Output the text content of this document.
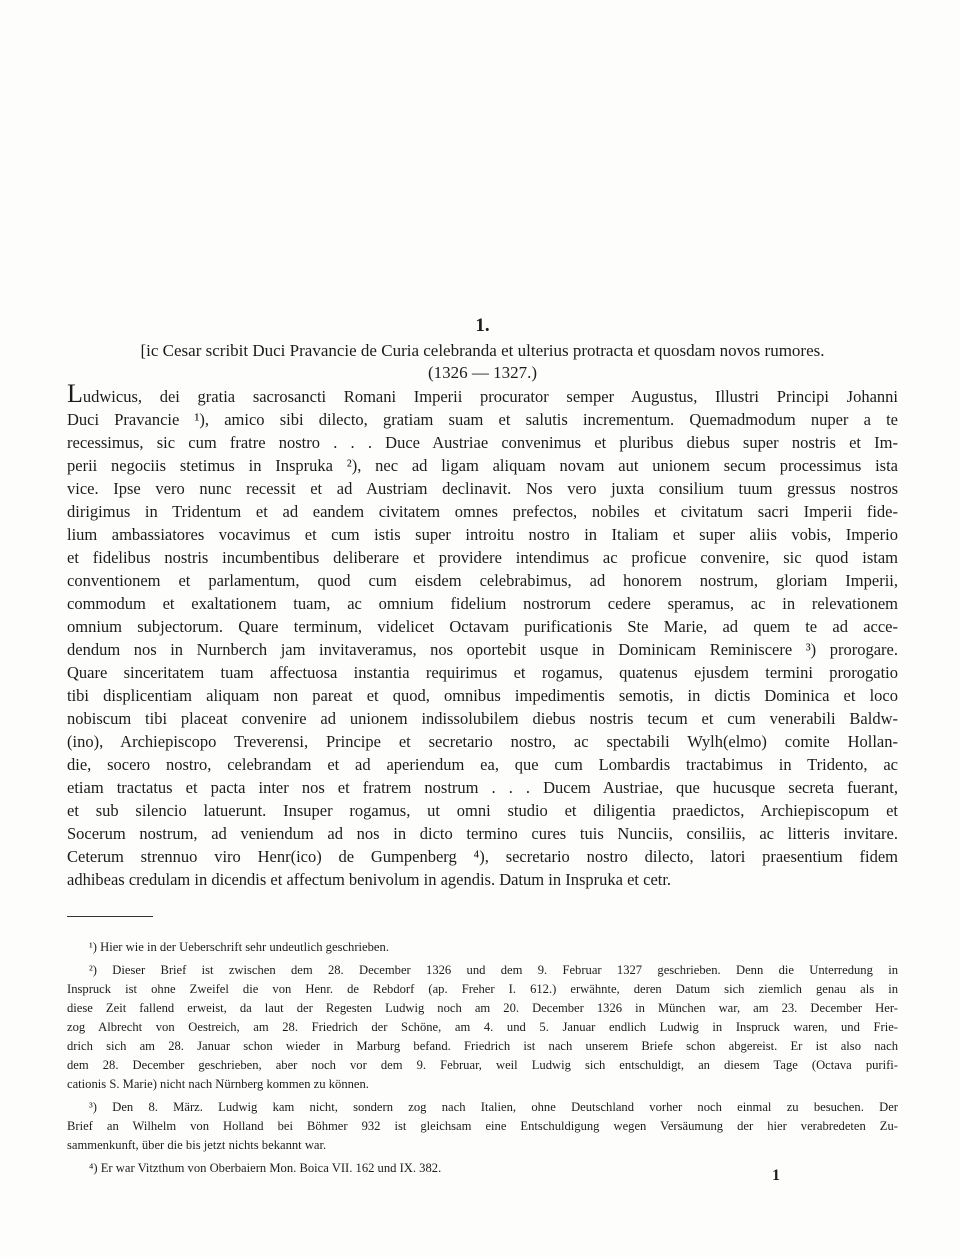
1.
[ic Cesar scribit Duci Pravancie de Curia celebranda et ulterius protracta et quosdam novos rumores.
(1326 — 1327.)
Ludwicus, dei gratia sacrosancti Romani Imperii procurator semper Augustus, Illustri Principi Johanni
Duci Pravancie ¹), amico sibi dilecto, gratiam suam et salutis incrementum. Quemadmodum nuper a te
recessimus, sic cum fratre nostro . . . Duce Austriae convenimus et pluribus diebus super nostris et Im-
perii negociis stetimus in Inspruka ²), nec ad ligam aliquam novam aut unionem secum processimus ista
vice. Ipse vero nunc recessit et ad Austriam declinavit. Nos vero juxta consilium tuum gressus nostros
dirigimus in Tridentum et ad eandem civitatem omnes prefectos, nobiles et civitatum sacri Imperii fide-
lium ambassiatores vocavimus et cum istis super introitu nostro in Italiam et super aliis vobis, Imperio
et fidelibus nostris incumbentibus deliberare et providere intendimus ac proficue convenire, sic quod istam
conventionem et parlamentum, quod cum eisdem celebrabimus, ad honorem nostrum, gloriam Imperii,
commodum et exaltationem tuam, ac omnium fidelium nostrorum cedere speramus, ac in relevationem
omnium subjectorum. Quare terminum, videlicet Octavam purificationis Ste Marie, ad quem te ad acce-
dendum nos in Nurnberch jam invitaveramus, nos oportebit usque in Dominicam Reminiscere ³) prorogare.
Quare sinceritatem tuam affectuosa instantia requirimus et rogamus, quatenus ejusdem termini prorogatio
tibi displicentiam aliquam non pareat et quod, omnibus impedimentis semotis, in dictis Dominica et loco
nobiscum tibi placeat convenire ad unionem indissolubilem diebus nostris tecum et cum venerabili Baldw-
(ino), Archiepiscopo Treverensi, Principe et secretario nostro, ac spectabili Wylh(elmo) comite Hollan-
die, socero nostro, celebrandam et ad aperiendum ea, que cum Lombardis tractabimus in Tridento, ac
etiam tractatus et pacta inter nos et fratrem nostrum . . . Ducem Austriae, que hucusque secreta fuerant,
et sub silencio latuerunt. Insuper rogamus, ut omni studio et diligentia praedictos, Archiepiscopum et
Socerum nostrum, ad veniendum ad nos in dicto termino cures tuis Nunciis, consiliis, ac litteris invitare.
Ceterum strennuo viro Henr(ico) de Gumpenberg ⁴), secretario nostro dilecto, latori praesentium fidem
adhibeas credulam in dicendis et affectum benivolum in agendis. Datum in Inspruka et cetr.
¹) Hier wie in der Ueberschrift sehr undeutlich geschrieben.
²) Dieser Brief ist zwischen dem 28. December 1326 und dem 9. Februar 1327 geschrieben. Denn die Unterredung in
Inspruck ist ohne Zweifel die von Henr. de Rebdorf (ap. Freher I. 612.) erwähnte, deren Datum sich ziemlich genau als in
diese Zeit fallend erweist, da laut der Regesten Ludwig noch am 20. December 1326 in München war, am 23. December Her-
zog Albrecht von Oestreich, am 28. Friedrich der Schöne, am 4. und 5. Januar endlich Ludwig in Inspruck waren, und Frie-
drich sich am 28. Januar schon wieder in Marburg befand. Friedrich ist nach unserem Briefe schon abgereist. Er ist also nach
dem 28. December geschrieben, aber noch vor dem 9. Februar, weil Ludwig sich entschuldigt, an diesem Tage (Octava purifi-
cationis S. Marie) nicht nach Nürnberg kommen zu können.
³) Den 8. März. Ludwig kam nicht, sondern zog nach Italien, ohne Deutschland vorher noch einmal zu besuchen. Der
Brief an Wilhelm von Holland bei Böhmer 932 ist gleichsam eine Entschuldigung wegen Versäumung der hier verabredeten Zu-
sammenkunft, über die bis jetzt nichts bekannt war.
⁴) Er war Vitzthum von Oberbaiern Mon. Boica VII. 162 und IX. 382.	1
